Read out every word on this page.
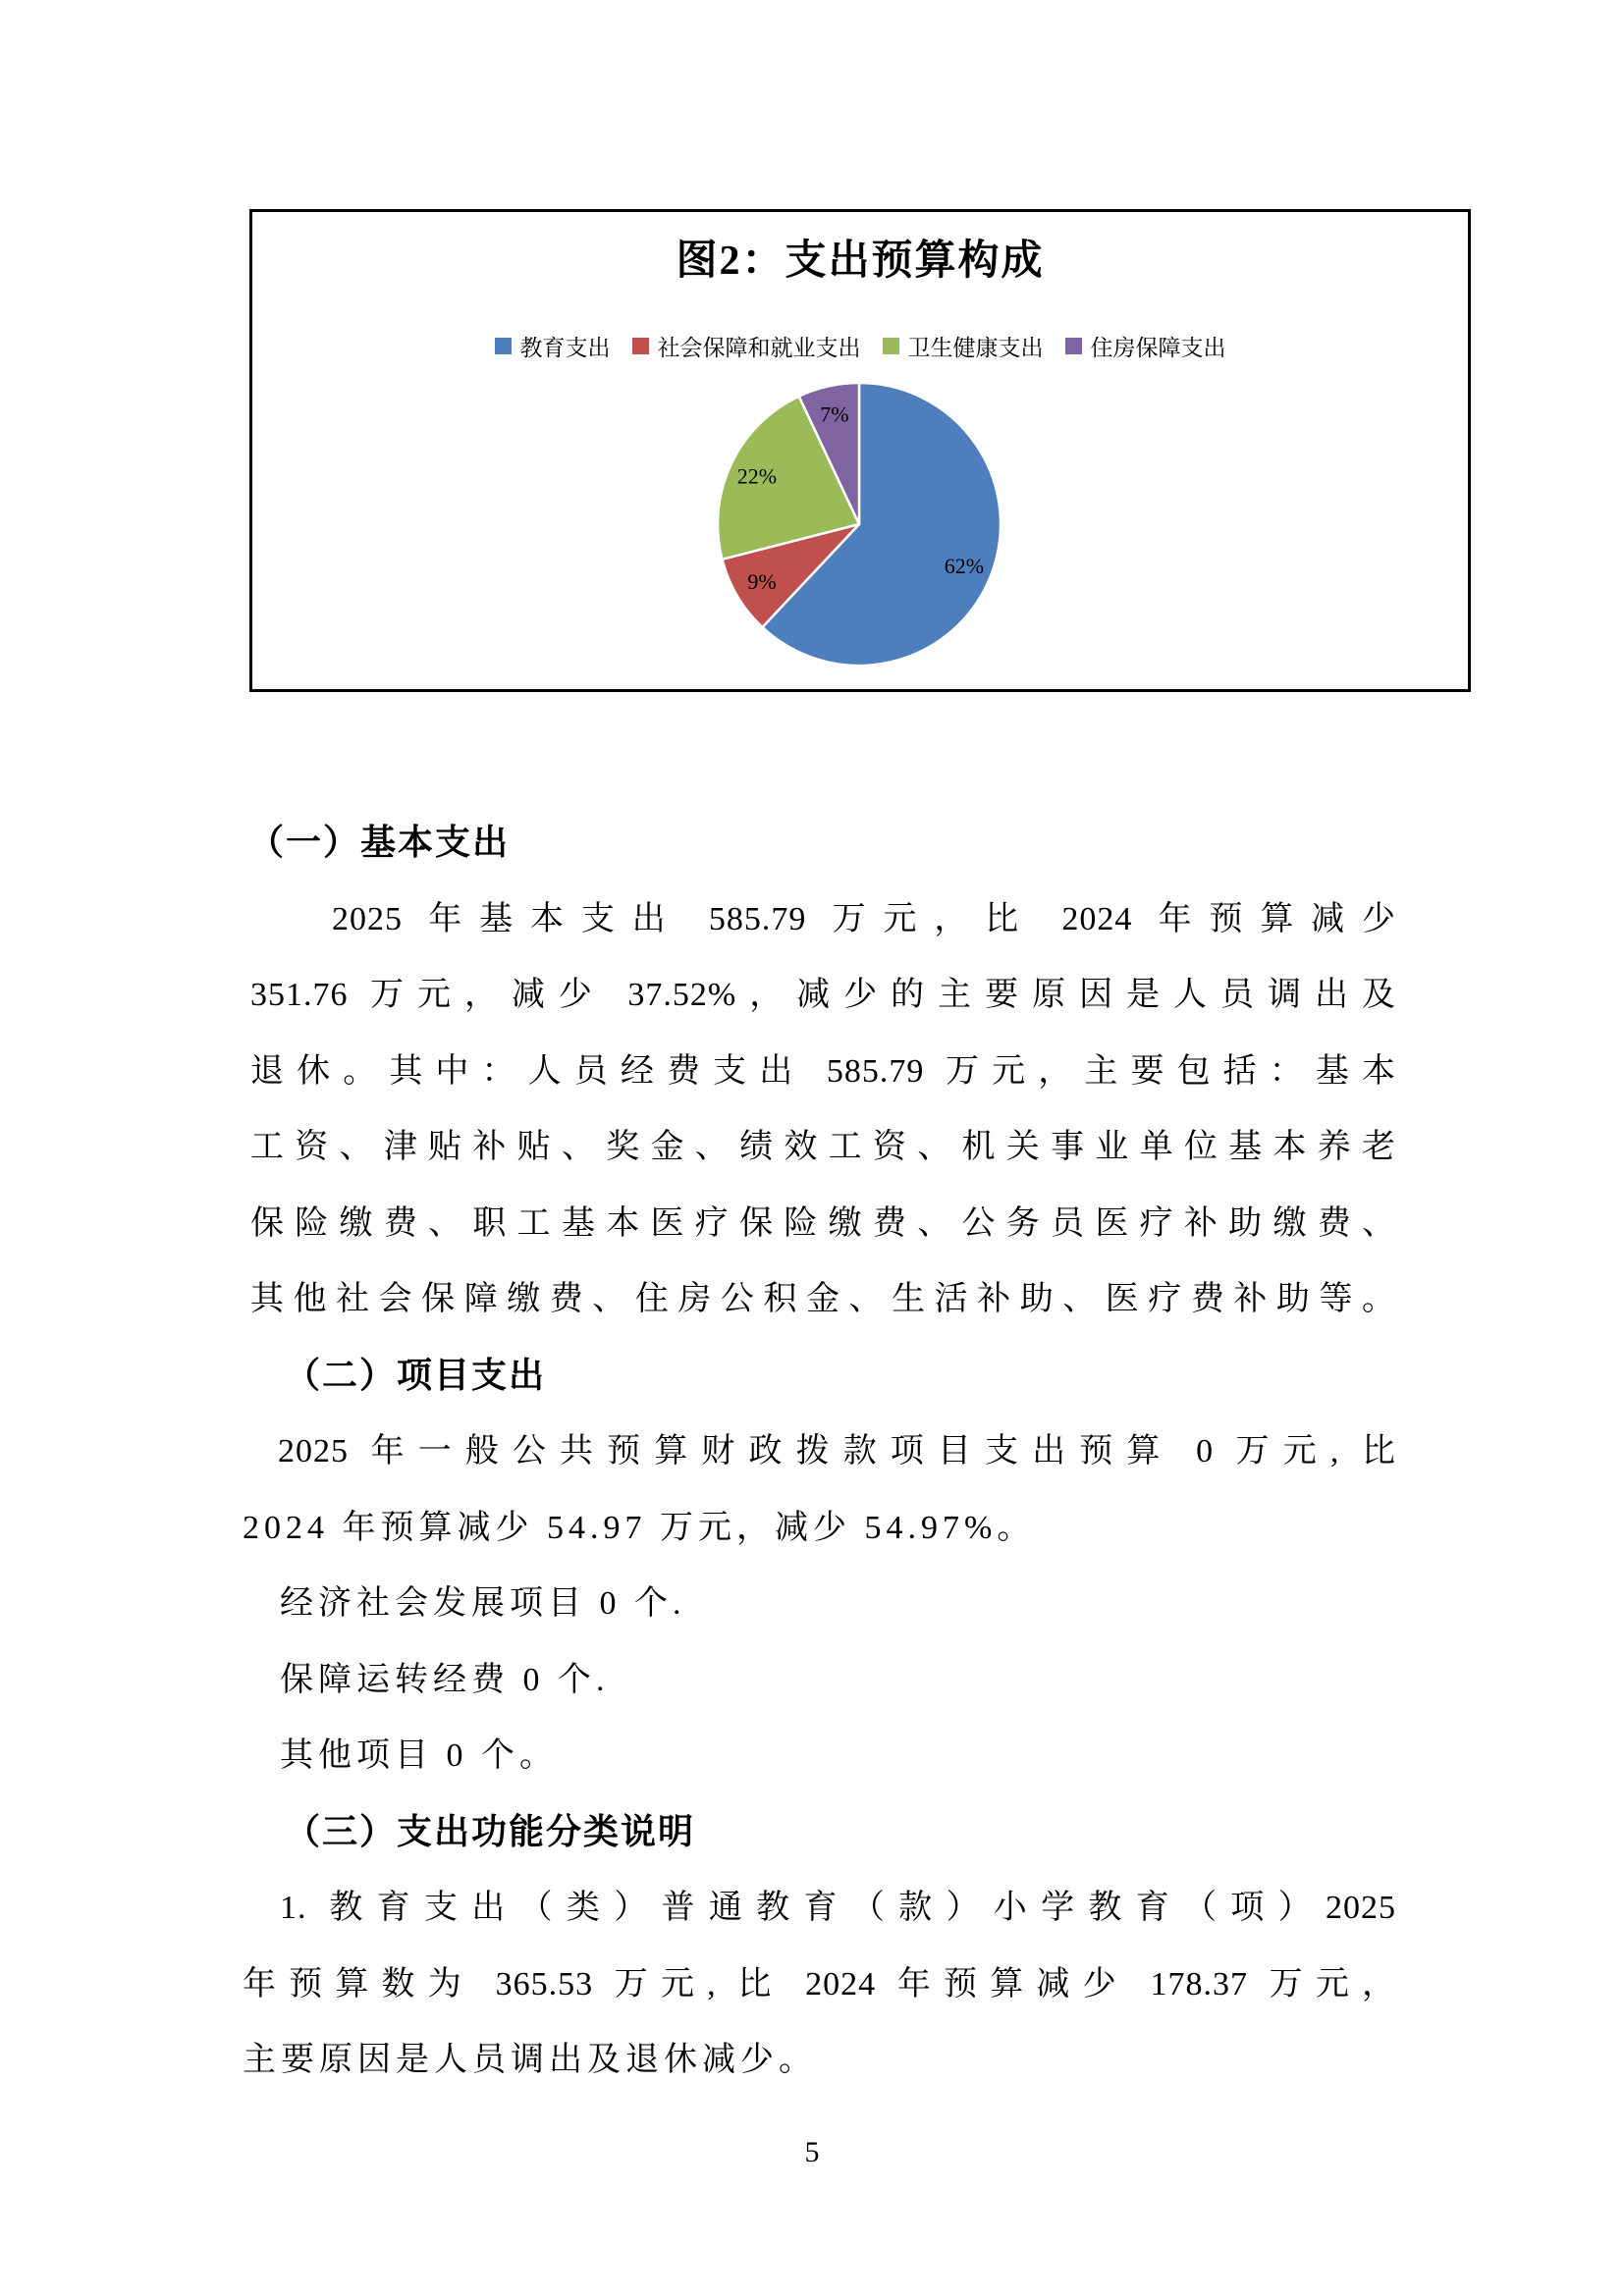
图2：支出预算构成
教育支出 社会保障和就业支出 卫生健康支出 住房保障支出
62%
9%
22%
7%
（一）基本支出
2025 年基本支出 585.79 万元，比 2024 年预算减少
351.76 万元，减少 37.52%，减少的主要原因是人员调出及
退休。其中：人员经费支出 585.79 万元，主要包括：基本
工资、津贴补贴、奖金、绩效工资、机关事业单位基本养老
保险缴费、职工基本医疗保险缴费、公务员医疗补助缴费、
其他社会保障缴费、住房公积金、生活补助、医疗费补助等。
（二）项目支出
2025 年一般公共预算财政拨款项目支出预算 0 万元, 比
2024 年预算减少 54.97 万元，减少 54.97%。
经济社会发展项目 0 个.
保障运转经费 0 个.
其他项目 0 个。
（三）支出功能分类说明
1. 教育支出（类）普通教育（款）小学教育（项）2025
年预算数为 365.53 万元, 比 2024 年预算减少 178.37 万元，
主要原因是人员调出及退休减少。
5
